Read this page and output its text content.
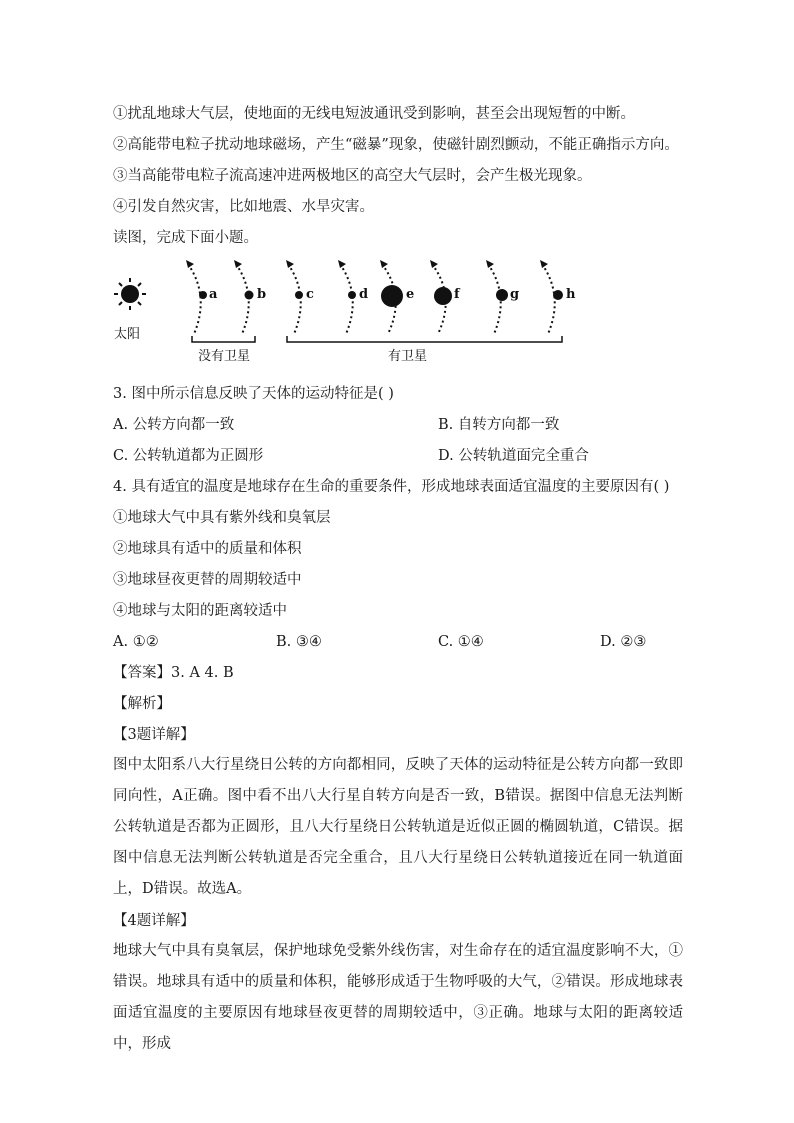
①扰乱地球大气层，使地面的无线电短波通讯受到影响，甚至会出现短暂的中断。
②高能带电粒子扰动地球磁场，产生“磁暴”现象，使磁针剧烈颤动，不能正确指示方向。
③当高能带电粒子流高速冲进两极地区的高空大气层时，会产生极光现象。
④引发自然灾害，比如地震、水旱灾害。
读图，完成下面小题。
太阳
a	b	c	d	e	f	g	h
没有卫星	有卫星
3. 图中所示信息反映了天体的运动特征是( )
A. 公转方向都一致	B. 自转方向都一致
C. 公转轨道都为正圆形	D. 公转轨道面完全重合
4. 具有适宜的温度是地球存在生命的重要条件，形成地球表面适宜温度的主要原因有( )
①地球大气中具有紫外线和臭氧层
②地球具有适中的质量和体积
③地球昼夜更替的周期较适中
④地球与太阳的距离较适中
A. ①②	B. ③④	C. ①④	D. ②③
【答案】3. A 4. B
【解析】
【3题详解】
图中太阳系八大行星绕日公转的方向都相同，反映了天体的运动特征是公转方向都一致即同向性，A正确。图中看不出八大行星自转方向是否一致，B错误。据图中信息无法判断公转轨道是否都为正圆形，且八大行星绕日公转轨道是近似正圆的椭圆轨道，C错误。据图中信息无法判断公转轨道是否完全重合，且八大行星绕日公转轨道接近在同一轨道面上，D错误。故选A。
【4题详解】
地球大气中具有臭氧层，保护地球免受紫外线伤害，对生命存在的适宜温度影响不大，①错误。地球具有适中的质量和体积，能够形成适于生物呼吸的大气，②错误。形成地球表面适宜温度的主要原因有地球昼夜更替的周期较适中，③正确。地球与太阳的距离较适中，形成
